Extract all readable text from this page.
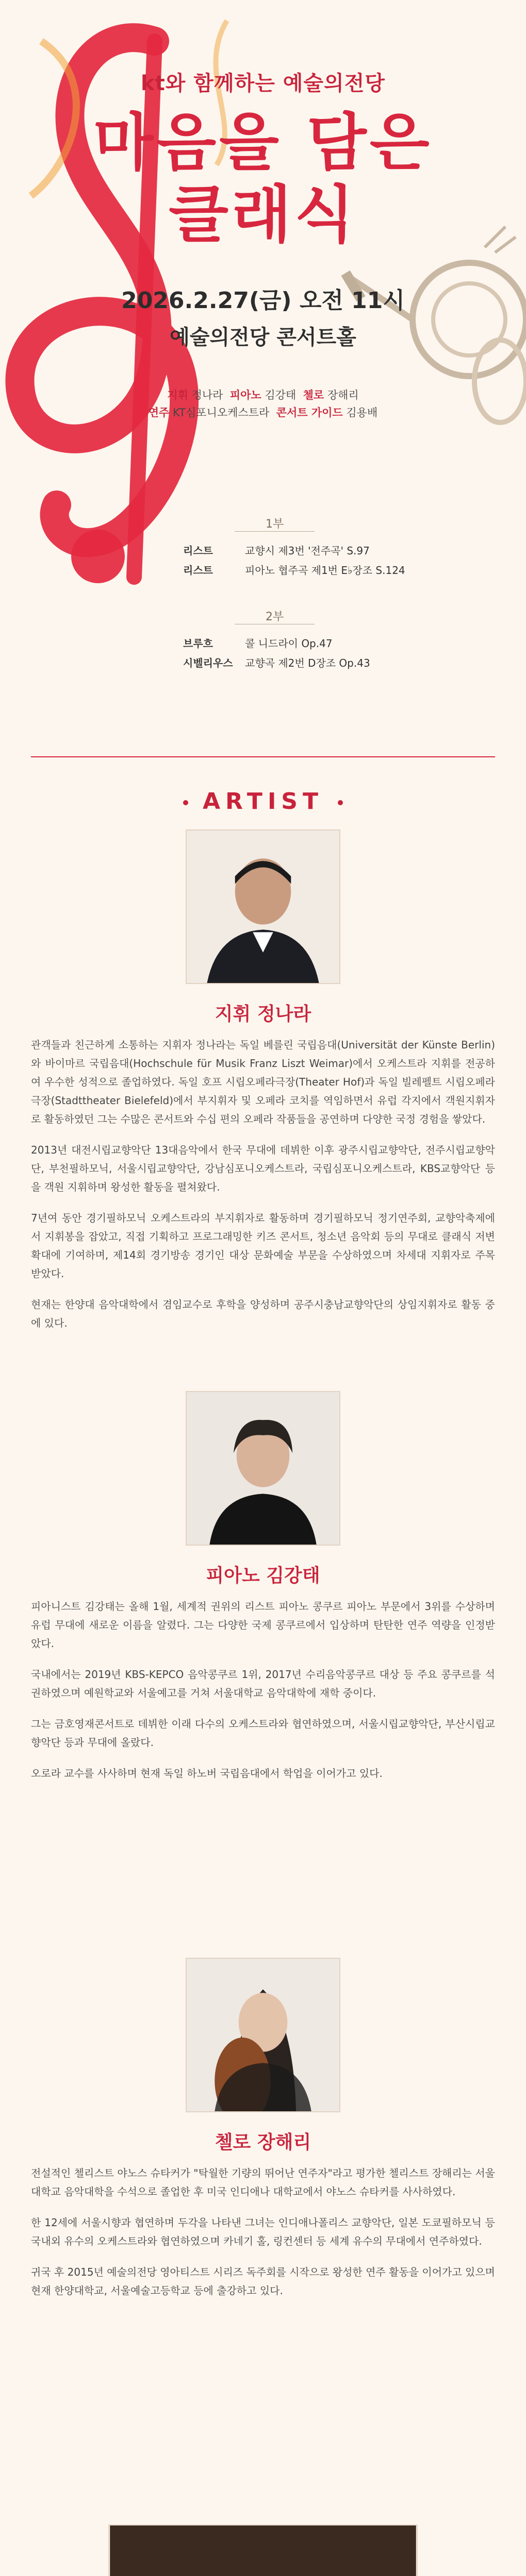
kt와 함께하는 예술의전당
마음을 담은
클래식
2026.2.27(금) 오전 11시
예술의전당 콘서트홀
지휘 정나라 피아노 김강태 첼로 장해리
연주 KT심포니오케스트라 콘서트 가이드 김용배
1부
리스트	교향시 제3번 '전주곡' S.97
리스트	피아노 협주곡 제1번 E♭장조 S.124
2부
브루흐	콜 니드라이 Op.47
시벨리우스	교향곡 제2번 D장조 Op.43
ARTIST
지휘 정나라

관객들과 친근하게 소통하는 지휘자 정나라는 독일 베를린 국립음대(Universität der Künste Berlin)와 바이마르 국립음대(Hochschule für Musik Franz Liszt Weimar)에서 오케스트라 지휘를 전공하여 우수한 성적으로 졸업하였다. 독일 호프 시립오페라극장(Theater Hof)과 독일 빌레펠트 시립오페라극장(Stadttheater Bielefeld)에서 부지휘자 및 오페라 코치를 역임하면서 유럽 각지에서 객원지휘자로 활동하였던 그는 수많은 콘서트와 수십 편의 오페라 작품들을 공연하며 다양한 국정 경험을 쌓았다.

2013년 대전시립교향악단 13대음악에서 한국 무대에 데뷔한 이후 광주시립교향악단, 전주시립교향악단, 부천필하모닉, 서울시립교향악단, 강남심포니오케스트라, 국립심포니오케스트라, KBS교향악단 등을 객원 지휘하며 왕성한 활동을 펼쳐왔다.

7년여 동안 경기필하모닉 오케스트라의 부지휘자로 활동하며 경기필하모닉 정기연주회, 교향악축제에서 지휘봉을 잡았고, 직접 기획하고 프로그래밍한 키즈 콘서트, 청소년 음악회 등의 무대로 클래식 저변확대에 기여하며, 제14회 경기방송 경기인 대상 문화예술 부문을 수상하였으며 차세대 지휘자로 주목 받았다.

현재는 한양대 음악대학에서 겸임교수로 후학을 양성하며 공주시충남교향악단의 상임지휘자로 활동 중에 있다.

피아노 김강태

피아니스트 김강태는 올해 1월, 세계적 권위의 리스트 피아노 콩쿠르 피아노 부문에서 3위를 수상하며 유럽 무대에 새로운 이름을 알렸다. 그는 다양한 국제 콩쿠르에서 입상하며 탄탄한 연주 역량을 인정받았다.

국내에서는 2019년 KBS-KEPCO 음악콩쿠르 1위, 2017년 수리음악콩쿠르 대상 등 주요 콩쿠르를 석권하였으며 예원학교와 서울예고를 거쳐 서울대학교 음악대학에 재학 중이다.

그는 금호영재콘서트로 데뷔한 이래 다수의 오케스트라와 협연하였으며, 서울시립교향악단, 부산시립교향악단 등과 무대에 올랐다.

오로라 교수를 사사하며 현재 독일 하노버 국립음대에서 학업을 이어가고 있다.

첼로 장해리

전설적인 첼리스트 야노스 슈타커가 "탁월한 기량의 뛰어난 연주자"라고 평가한 첼리스트 장해리는 서울대학교 음악대학을 수석으로 졸업한 후 미국 인디애나 대학교에서 야노스 슈타커를 사사하였다.

한 12세에 서울시향과 협연하며 두각을 나타낸 그녀는 인디애나폴리스 교향악단, 일본 도쿄필하모닉 등 국내외 유수의 오케스트라와 협연하였으며 카네기 홀, 링컨센터 등 세계 유수의 무대에서 연주하였다.

귀국 후 2015년 예술의전당 영아티스트 시리즈 독주회를 시작으로 왕성한 연주 활동을 이어가고 있으며 현재 한양대학교, 서울예술고등학교 등에 출강하고 있다.
